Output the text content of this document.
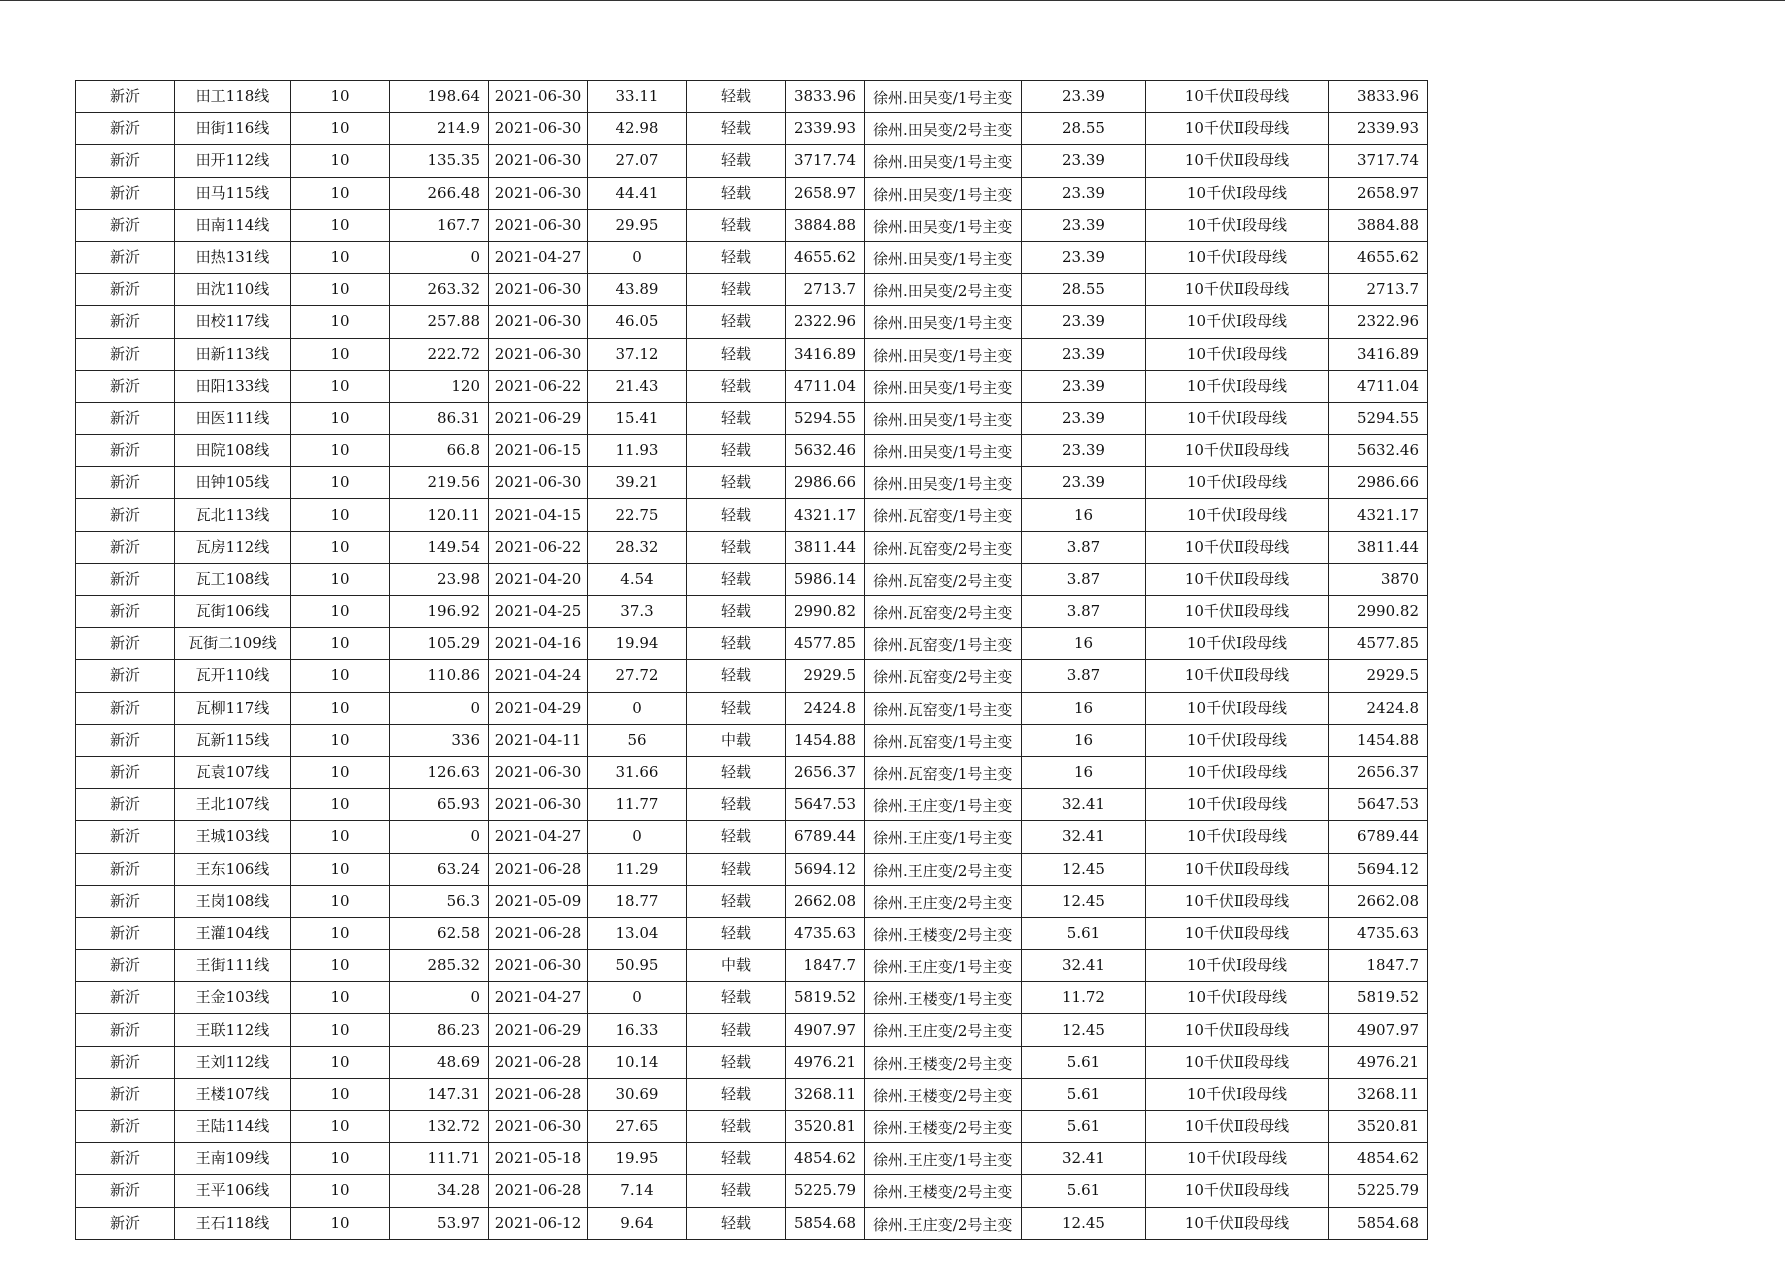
新沂	田工118线	10	198.64	2021-06-30	33.11	轻载	3833.96	徐州.田吴变/1号主变	23.39	10千伏Ⅱ段母线	3833.96
新沂	田街116线	10	214.9	2021-06-30	42.98	轻载	2339.93	徐州.田吴变/2号主变	28.55	10千伏Ⅱ段母线	2339.93
新沂	田开112线	10	135.35	2021-06-30	27.07	轻载	3717.74	徐州.田吴变/1号主变	23.39	10千伏Ⅱ段母线	3717.74
新沂	田马115线	10	266.48	2021-06-30	44.41	轻载	2658.97	徐州.田吴变/1号主变	23.39	10千伏Ⅰ段母线	2658.97
新沂	田南114线	10	167.7	2021-06-30	29.95	轻载	3884.88	徐州.田吴变/1号主变	23.39	10千伏Ⅰ段母线	3884.88
新沂	田热131线	10	0	2021-04-27	0	轻载	4655.62	徐州.田吴变/1号主变	23.39	10千伏Ⅰ段母线	4655.62
新沂	田沈110线	10	263.32	2021-06-30	43.89	轻载	2713.7	徐州.田吴变/2号主变	28.55	10千伏Ⅱ段母线	2713.7
新沂	田校117线	10	257.88	2021-06-30	46.05	轻载	2322.96	徐州.田吴变/1号主变	23.39	10千伏Ⅰ段母线	2322.96
新沂	田新113线	10	222.72	2021-06-30	37.12	轻载	3416.89	徐州.田吴变/1号主变	23.39	10千伏Ⅰ段母线	3416.89
新沂	田阳133线	10	120	2021-06-22	21.43	轻载	4711.04	徐州.田吴变/1号主变	23.39	10千伏Ⅰ段母线	4711.04
新沂	田医111线	10	86.31	2021-06-29	15.41	轻载	5294.55	徐州.田吴变/1号主变	23.39	10千伏Ⅰ段母线	5294.55
新沂	田院108线	10	66.8	2021-06-15	11.93	轻载	5632.46	徐州.田吴变/1号主变	23.39	10千伏Ⅱ段母线	5632.46
新沂	田钟105线	10	219.56	2021-06-30	39.21	轻载	2986.66	徐州.田吴变/1号主变	23.39	10千伏Ⅰ段母线	2986.66
新沂	瓦北113线	10	120.11	2021-04-15	22.75	轻载	4321.17	徐州.瓦窑变/1号主变	16	10千伏Ⅰ段母线	4321.17
新沂	瓦房112线	10	149.54	2021-06-22	28.32	轻载	3811.44	徐州.瓦窑变/2号主变	3.87	10千伏Ⅱ段母线	3811.44
新沂	瓦工108线	10	23.98	2021-04-20	4.54	轻载	5986.14	徐州.瓦窑变/2号主变	3.87	10千伏Ⅱ段母线	3870
新沂	瓦街106线	10	196.92	2021-04-25	37.3	轻载	2990.82	徐州.瓦窑变/2号主变	3.87	10千伏Ⅱ段母线	2990.82
新沂	瓦街二109线	10	105.29	2021-04-16	19.94	轻载	4577.85	徐州.瓦窑变/1号主变	16	10千伏Ⅰ段母线	4577.85
新沂	瓦开110线	10	110.86	2021-04-24	27.72	轻载	2929.5	徐州.瓦窑变/2号主变	3.87	10千伏Ⅱ段母线	2929.5
新沂	瓦柳117线	10	0	2021-04-29	0	轻载	2424.8	徐州.瓦窑变/1号主变	16	10千伏Ⅰ段母线	2424.8
新沂	瓦新115线	10	336	2021-04-11	56	中载	1454.88	徐州.瓦窑变/1号主变	16	10千伏Ⅰ段母线	1454.88
新沂	瓦袁107线	10	126.63	2021-06-30	31.66	轻载	2656.37	徐州.瓦窑变/1号主变	16	10千伏Ⅰ段母线	2656.37
新沂	王北107线	10	65.93	2021-06-30	11.77	轻载	5647.53	徐州.王庄变/1号主变	32.41	10千伏Ⅰ段母线	5647.53
新沂	王城103线	10	0	2021-04-27	0	轻载	6789.44	徐州.王庄变/1号主变	32.41	10千伏Ⅰ段母线	6789.44
新沂	王东106线	10	63.24	2021-06-28	11.29	轻载	5694.12	徐州.王庄变/2号主变	12.45	10千伏Ⅱ段母线	5694.12
新沂	王岗108线	10	56.3	2021-05-09	18.77	轻载	2662.08	徐州.王庄变/2号主变	12.45	10千伏Ⅱ段母线	2662.08
新沂	王灌104线	10	62.58	2021-06-28	13.04	轻载	4735.63	徐州.王楼变/2号主变	5.61	10千伏Ⅱ段母线	4735.63
新沂	王街111线	10	285.32	2021-06-30	50.95	中载	1847.7	徐州.王庄变/1号主变	32.41	10千伏Ⅰ段母线	1847.7
新沂	王金103线	10	0	2021-04-27	0	轻载	5819.52	徐州.王楼变/1号主变	11.72	10千伏Ⅰ段母线	5819.52
新沂	王联112线	10	86.23	2021-06-29	16.33	轻载	4907.97	徐州.王庄变/2号主变	12.45	10千伏Ⅱ段母线	4907.97
新沂	王刘112线	10	48.69	2021-06-28	10.14	轻载	4976.21	徐州.王楼变/2号主变	5.61	10千伏Ⅱ段母线	4976.21
新沂	王楼107线	10	147.31	2021-06-28	30.69	轻载	3268.11	徐州.王楼变/2号主变	5.61	10千伏Ⅰ段母线	3268.11
新沂	王陆114线	10	132.72	2021-06-30	27.65	轻载	3520.81	徐州.王楼变/2号主变	5.61	10千伏Ⅱ段母线	3520.81
新沂	王南109线	10	111.71	2021-05-18	19.95	轻载	4854.62	徐州.王庄变/1号主变	32.41	10千伏Ⅰ段母线	4854.62
新沂	王平106线	10	34.28	2021-06-28	7.14	轻载	5225.79	徐州.王楼变/2号主变	5.61	10千伏Ⅱ段母线	5225.79
新沂	王石118线	10	53.97	2021-06-12	9.64	轻载	5854.68	徐州.王庄变/2号主变	12.45	10千伏Ⅱ段母线	5854.68
